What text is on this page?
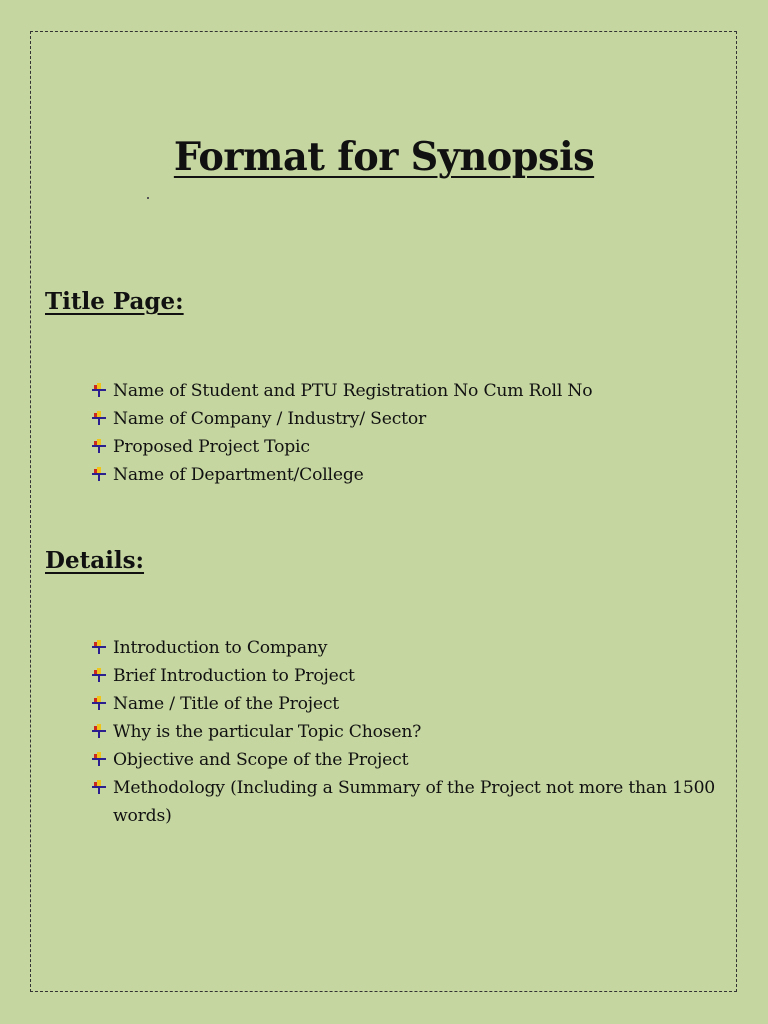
Format for Synopsis
Title Page:
Name of Student and PTU Registration No Cum Roll No
Name of Company / Industry/ Sector
Proposed Project Topic
Name of Department/College
Details:
Introduction to Company
Brief Introduction to Project
Name / Title of the Project
Why is the particular Topic Chosen?
Objective and Scope of the Project
Methodology (Including a Summary of the Project not more than 1500 words)
